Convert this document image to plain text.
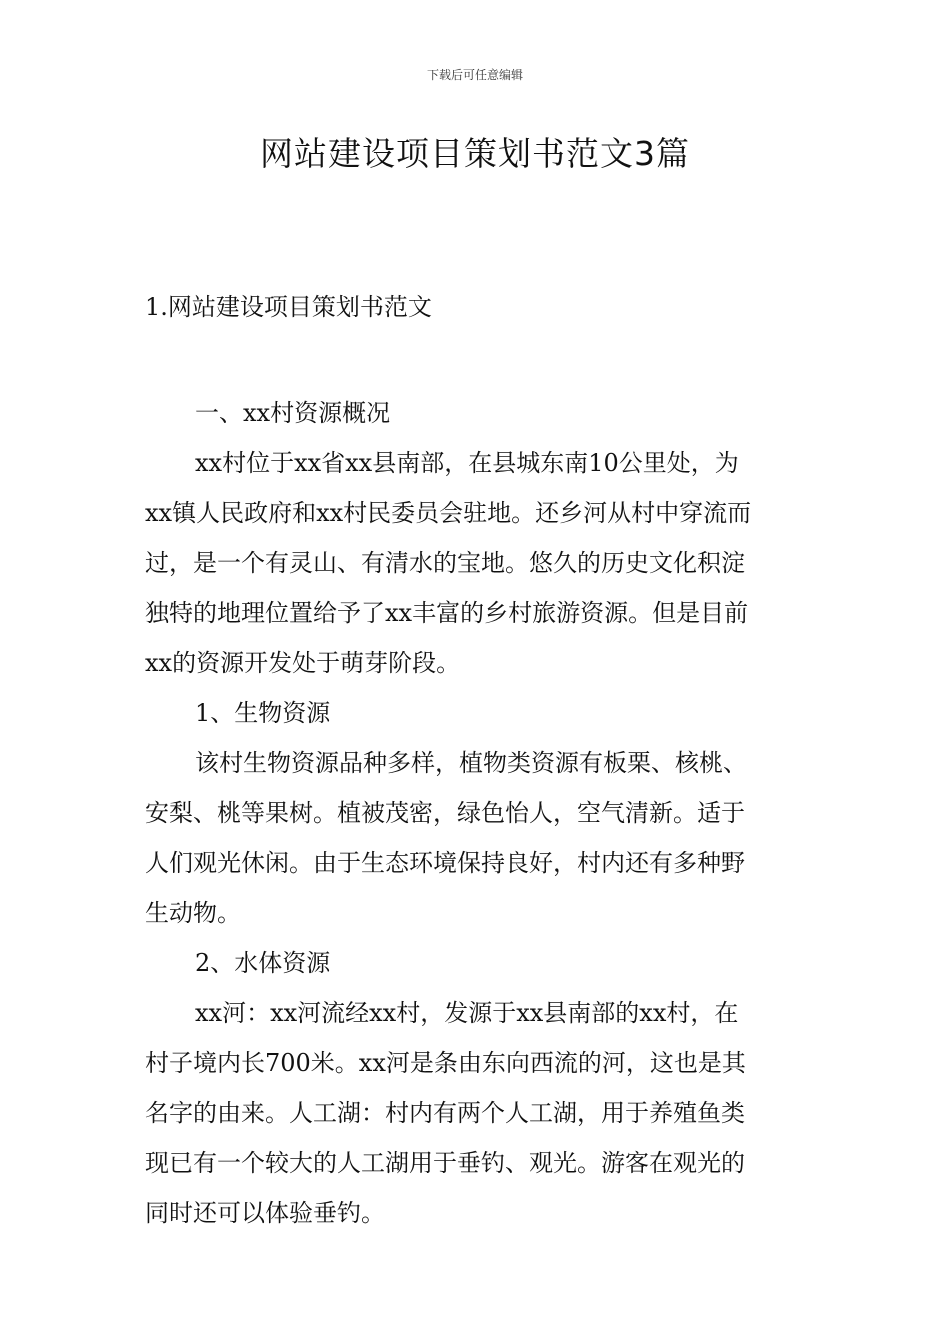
下载后可任意编辑
网站建设项目策划书范文3篇
1.网站建设项目策划书范文
一、xx村资源概况
xx村位于xx省xx县南部，在县城东南10公里处，为
xx镇人民政府和xx村民委员会驻地。还乡河从村中穿流而
过，是一个有灵山、有清水的宝地。悠久的历史文化积淀
独特的地理位置给予了xx丰富的乡村旅游资源。但是目前
xx的资源开发处于萌芽阶段。
1、生物资源
该村生物资源品种多样，植物类资源有板栗、核桃、
安梨、桃等果树。植被茂密，绿色怡人，空气清新。适于
人们观光休闲。由于生态环境保持良好，村内还有多种野
生动物。
2、水体资源
xx河：xx河流经xx村，发源于xx县南部的xx村，在
村子境内长700米。xx河是条由东向西流的河，这也是其
名字的由来。人工湖：村内有两个人工湖，用于养殖鱼类
现已有一个较大的人工湖用于垂钓、观光。游客在观光的
同时还可以体验垂钓。
